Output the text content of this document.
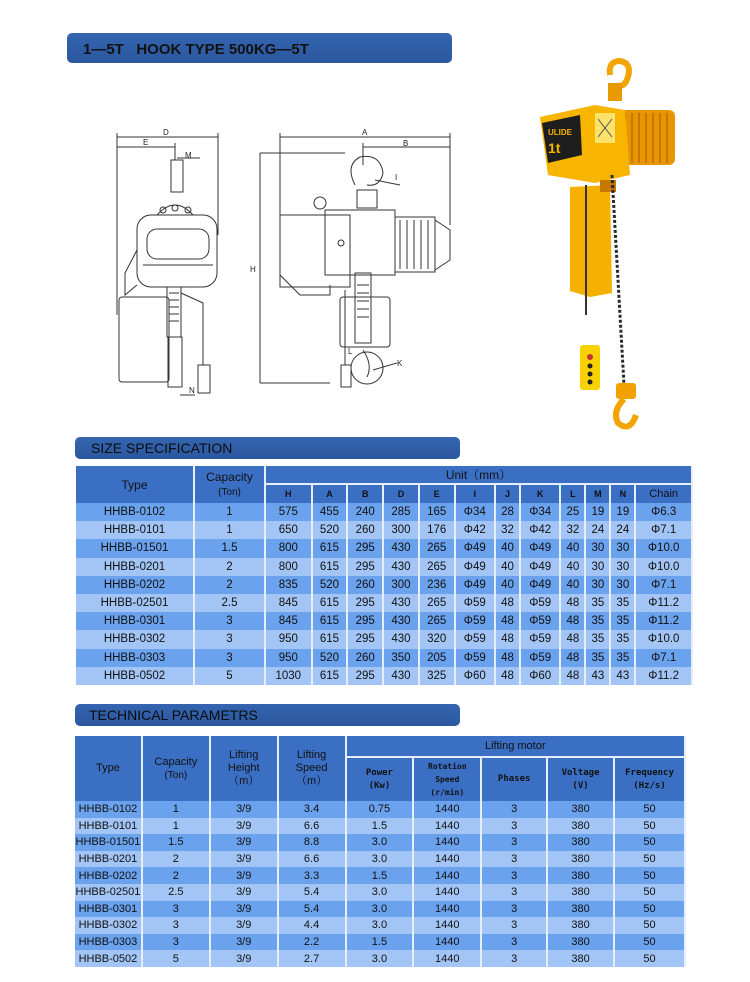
1—5T   HOOK TYPE 500KG—5T
D
E
M
N
A
B
H
I
L
K
ULIDE
1t
SIZE SPECIFICATION
Type	Capacity
(Ton)	Unit（mm）											
		H	A	B	D	E	I	J	K	L	M	N	Chain
HHBB-0102	1	575	455	240	285	165	Φ34	28	Φ34	25	19	19	Φ6.3
HHBB-0101	1	650	520	260	300	176	Φ42	32	Φ42	32	24	24	Φ7.1
HHBB-01501	1.5	800	615	295	430	265	Φ49	40	Φ49	40	30	30	Φ10.0
HHBB-0201	2	800	615	295	430	265	Φ49	40	Φ49	40	30	30	Φ10.0
HHBB-0202	2	835	520	260	300	236	Φ49	40	Φ49	40	30	30	Φ7.1
HHBB-02501	2.5	845	615	295	430	265	Φ59	48	Φ59	48	35	35	Φ11.2
HHBB-0301	3	845	615	295	430	265	Φ59	48	Φ59	48	35	35	Φ11.2
HHBB-0302	3	950	615	295	430	320	Φ59	48	Φ59	48	35	35	Φ10.0
HHBB-0303	3	950	520	260	350	205	Φ59	48	Φ59	48	35	35	Φ7.1
HHBB-0502	5	1030	615	295	430	325	Φ60	48	Φ60	48	43	43	Φ11.2
TECHNICAL PARAMETRS
Type	
Capacity
(Ton)

Lifting
Height
（m）

Lifting
Speed
（m）
	Lifting motor

Power
(Kw)

Rotation
Speed
(r/min)
	Phases	
Voltage
(V)

Frequency
(Hz/s)

HHBB-0102	1	3/9	3.4	0.75	1440	3	380	50
HHBB-0101	1	3/9	6.6	1.5	1440	3	380	50
HHBB-01501	1.5	3/9	8.8	3.0	1440	3	380	50
HHBB-0201	2	3/9	6.6	3.0	1440	3	380	50
HHBB-0202	2	3/9	3.3	1.5	1440	3	380	50
HHBB-02501	2.5	3/9	5.4	3.0	1440	3	380	50
HHBB-0301	3	3/9	5.4	3.0	1440	3	380	50
HHBB-0302	3	3/9	4.4	3.0	1440	3	380	50
HHBB-0303	3	3/9	2.2	1.5	1440	3	380	50
HHBB-0502	5	3/9	2.7	3.0	1440	3	380	50
